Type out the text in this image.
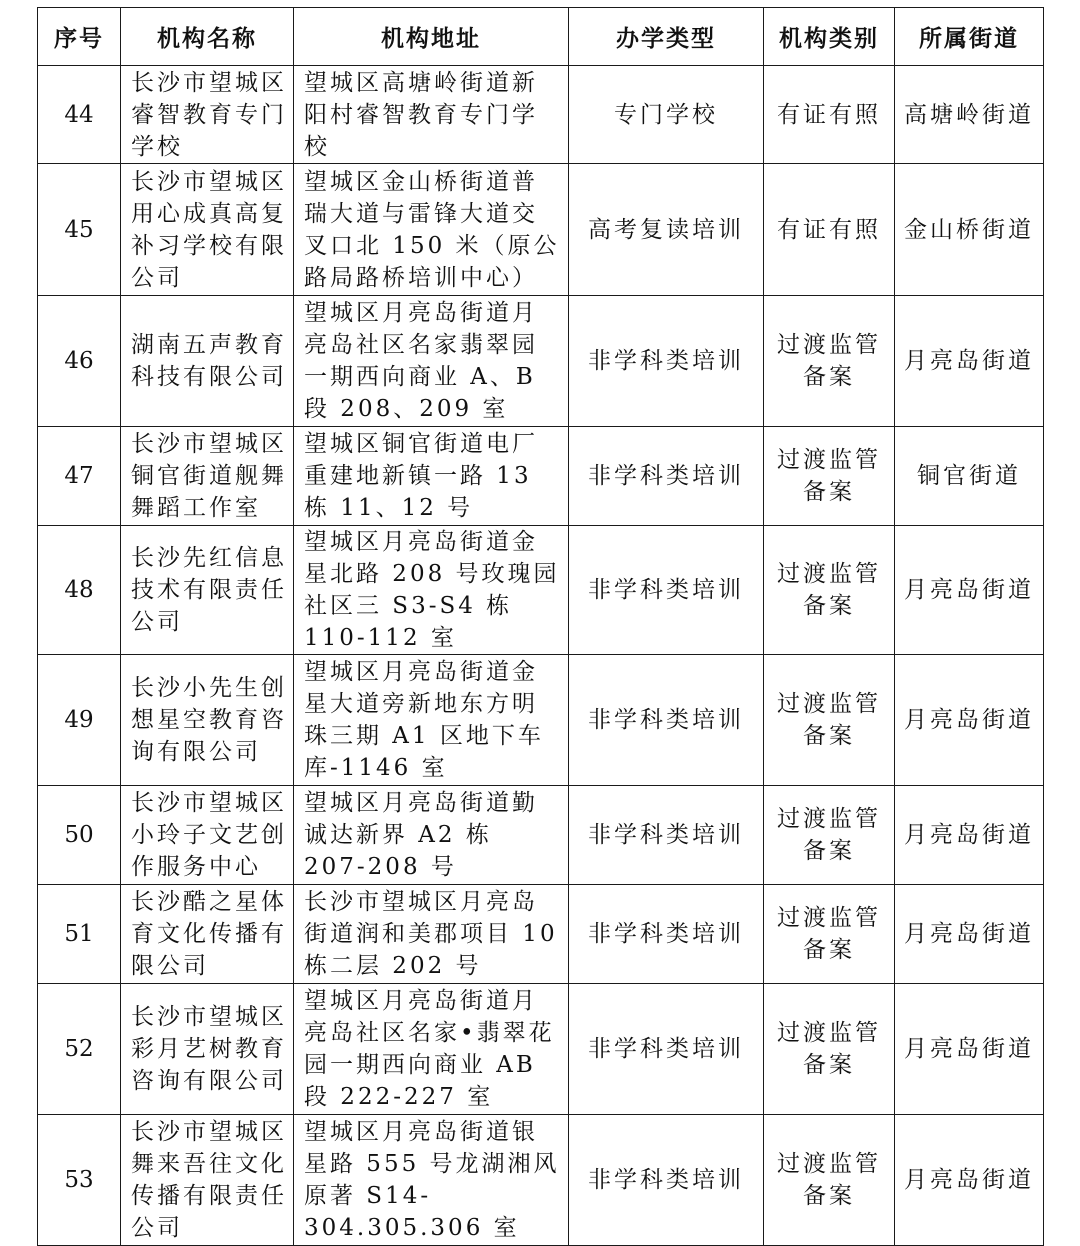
序号	机构名称	机构地址	办学类型	机构类别	所属街道
44	长沙市望城区睿智教育专门学校	望城区高塘岭街道新阳村睿智教育专门学校	专门学校	有证有照	高塘岭街道
45	长沙市望城区用心成真高复补习学校有限公司	望城区金山桥街道普瑞大道与雷锋大道交叉口北 150 米（原公路局路桥培训中心）	高考复读培训	有证有照	金山桥街道
46	湖南五声教育科技有限公司	望城区月亮岛街道月亮岛社区名家翡翠园一期西向商业 A、B 段 208、209 室	非学科类培训	过渡监管备案	月亮岛街道
47	长沙市望城区铜官街道舰舞舞蹈工作室	望城区铜官街道电厂重建地新镇一路 13 栋 11、12 号	非学科类培训	过渡监管备案	铜官街道
48	长沙先红信息技术有限责任公司	望城区月亮岛街道金星北路 208 号玫瑰园社区三 S3-S4 栋 110-112 室	非学科类培训	过渡监管备案	月亮岛街道
49	长沙小先生创想星空教育咨询有限公司	望城区月亮岛街道金星大道旁新地东方明珠三期 A1 区地下车库-1146 室	非学科类培训	过渡监管备案	月亮岛街道
50	长沙市望城区小玲子文艺创作服务中心	望城区月亮岛街道勤诚达新界 A2 栋 207-208 号	非学科类培训	过渡监管备案	月亮岛街道
51	长沙酷之星体育文化传播有限公司	长沙市望城区月亮岛街道润和美郡项目 10 栋二层 202 号	非学科类培训	过渡监管备案	月亮岛街道
52	长沙市望城区彩月艺树教育咨询有限公司	望城区月亮岛街道月亮岛社区名家•翡翠花园一期西向商业 AB 段 222-227 室	非学科类培训	过渡监管备案	月亮岛街道
53	长沙市望城区舞来吾往文化传播有限责任公司	望城区月亮岛街道银星路 555 号龙湖湘风原著 S14-304.305.306 室	非学科类培训	过渡监管备案	月亮岛街道
